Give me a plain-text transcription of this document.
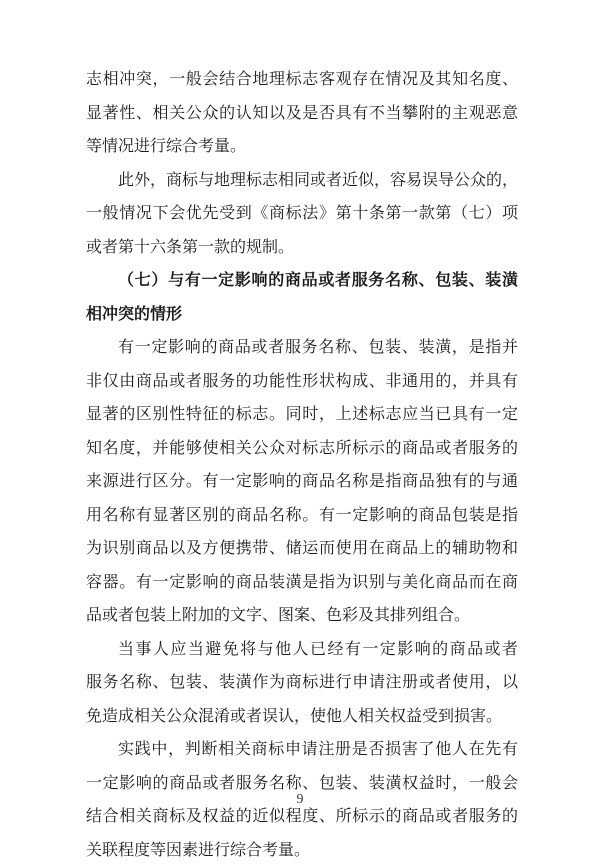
志相冲突，一般会结合地理标志客观存在情况及其知名度、
显著性、相关公众的认知以及是否具有不当攀附的主观恶意
等情况进行综合考量。
此外，商标与地理标志相同或者近似，容易误导公众的，
一般情况下会优先受到《商标法》第十条第一款第（七）项
或者第十六条第一款的规制。
（七）与有一定影响的商品或者服务名称、包装、装潢
相冲突的情形
有一定影响的商品或者服务名称、包装、装潢，是指并
非仅由商品或者服务的功能性形状构成、非通用的，并具有
显著的区别性特征的标志。同时，上述标志应当已具有一定
知名度，并能够使相关公众对标志所标示的商品或者服务的
来源进行区分。有一定影响的商品名称是指商品独有的与通
用名称有显著区别的商品名称。有一定影响的商品包装是指
为识别商品以及方便携带、储运而使用在商品上的辅助物和
容器。有一定影响的商品装潢是指为识别与美化商品而在商
品或者包装上附加的文字、图案、色彩及其排列组合。
当事人应当避免将与他人已经有一定影响的商品或者
服务名称、包装、装潢作为商标进行申请注册或者使用，以
免造成相关公众混淆或者误认，使他人相关权益受到损害。
实践中，判断相关商标申请注册是否损害了他人在先有
一定影响的商品或者服务名称、包装、装潢权益时，一般会
结合相关商标及权益的近似程度、所标示的商品或者服务的
关联程度等因素进行综合考量。
9
